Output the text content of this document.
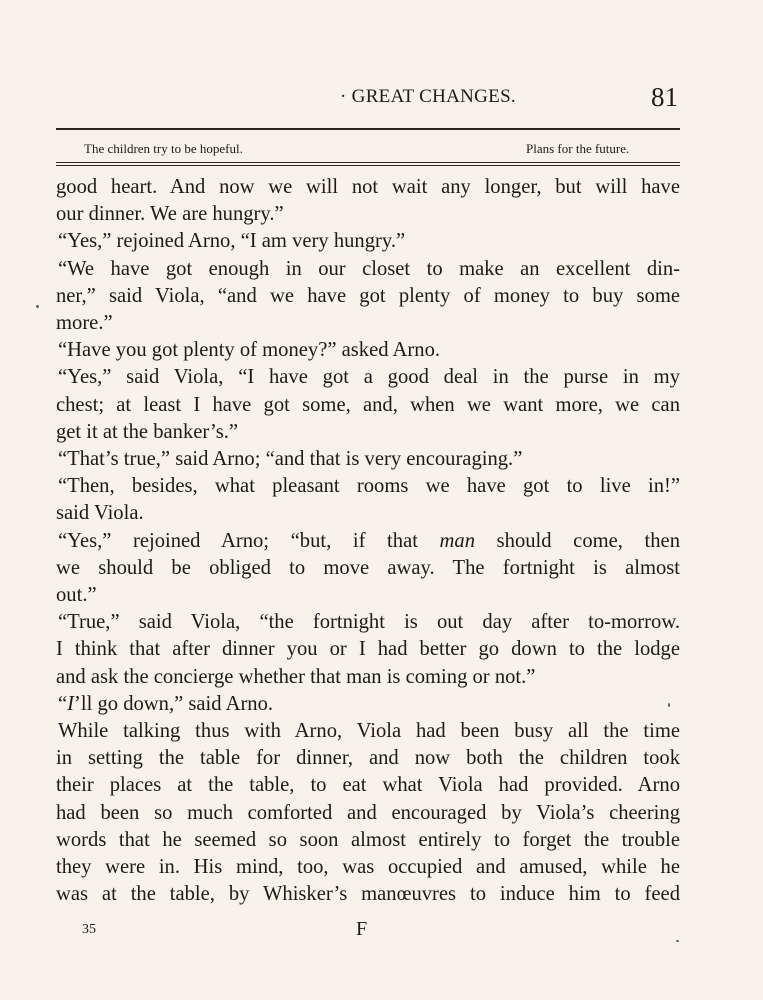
· GREAT CHANGES.	81
The children try to be hopeful.	Plans for the future.
good heart. And now we will not wait any longer, but will have
our dinner. We are hungry.”
“Yes,” rejoined Arno, “I am very hungry.”
“We have got enough in our closet to make an excellent din-
ner,” said Viola, “and we have got plenty of money to buy some
more.”
“Have you got plenty of money?” asked Arno.
“Yes,” said Viola, “I have got a good deal in the purse in my
chest; at least I have got some, and, when we want more, we can
get it at the banker’s.”
“That’s true,” said Arno; “and that is very encouraging.”
“Then, besides, what pleasant rooms we have got to live in!”
said Viola.
“Yes,” rejoined Arno; “but, if that man should come, then
we should be obliged to move away. The fortnight is almost
out.”
“True,” said Viola, “the fortnight is out day after to-morrow.
I think that after dinner you or I had better go down to the lodge
and ask the concierge whether that man is coming or not.”
“I’ll go down,” said Arno.
While talking thus with Arno, Viola had been busy all the time
in setting the table for dinner, and now both the children took
their places at the table, to eat what Viola had provided. Arno
had been so much comforted and encouraged by Viola’s cheering
words that he seemed so soon almost entirely to forget the trouble
they were in. His mind, too, was occupied and amused, while he
was at the table, by Whisker’s manœuvres to induce him to feed
35	F
